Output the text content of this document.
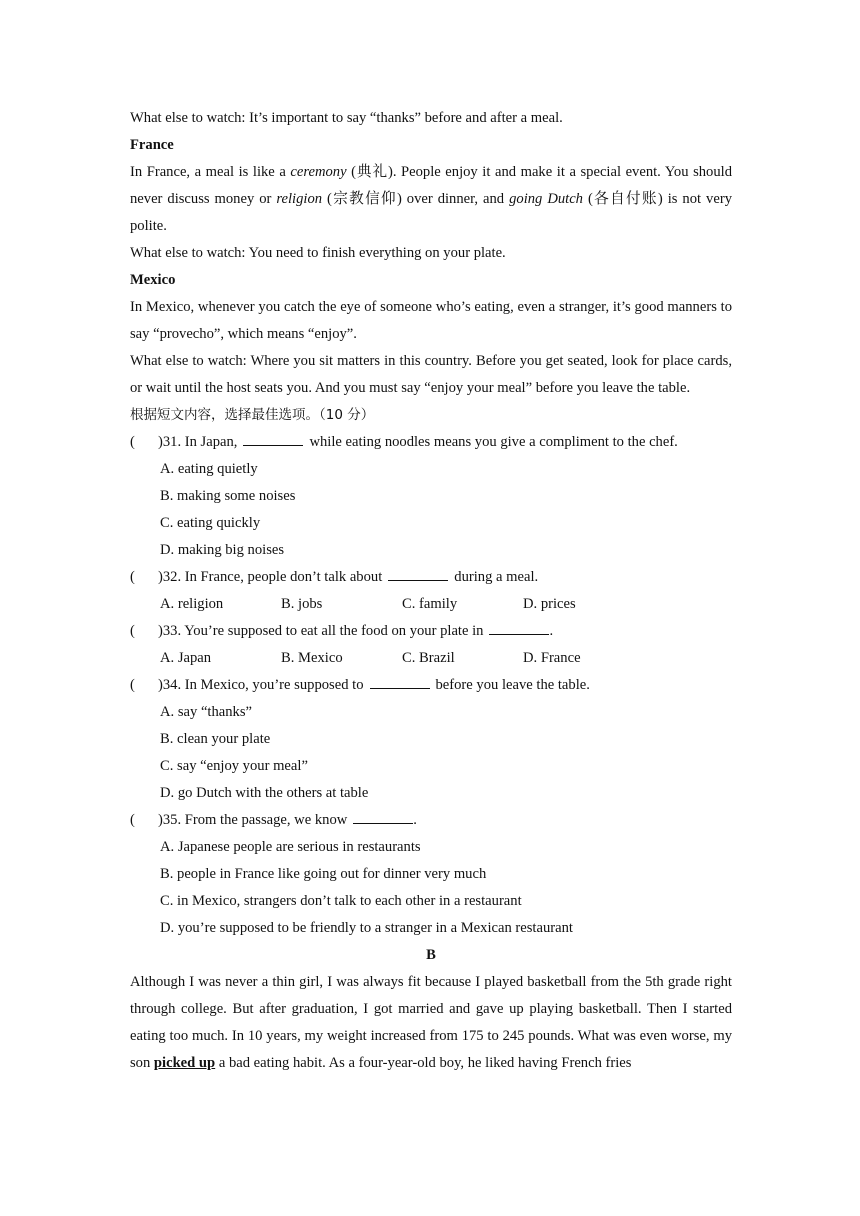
What else to watch: It’s important to say “thanks” before and after a meal.

France

In France, a meal is like a ceremony (典礼). People enjoy it and make it a special event. You should never discuss money or religion (宗教信仰) over dinner, and going Dutch (各自付账) is not very polite.

What else to watch: You need to finish everything on your plate.

Mexico

In Mexico, whenever you catch the eye of someone who’s eating, even a stranger, it’s good manners to say “provecho”, which means “enjoy”.

What else to watch: Where you sit matters in this country. Before you get seated, look for place cards, or wait until the host seats you. And you must say “enjoy your meal” before you leave the table.

根据短文内容，选择最佳选项。（10 分）

( )31. In Japan,	while eating noodles means you give a compliment to the chef.

A. eating quietly

B. making some noises

C. eating quickly

D. making big noises

( )32. In France, people don’t talk about	during a meal.

A. religion	B. jobs	C. family	D. prices

( )33. You’re supposed to eat all the food on your plate in	.

A. Japan	B. Mexico	C. Brazil	D. France

( )34. In Mexico, you’re supposed to	before you leave the table.

A. say “thanks”

B. clean your plate

C. say “enjoy your meal”

D. go Dutch with the others at table

( )35. From the passage, we know	.

A. Japanese people are serious in restaurants

B. people in France like going out for dinner very much

C. in Mexico, strangers don’t talk to each other in a restaurant

D. you’re supposed to be friendly to a stranger in a Mexican restaurant

B

Although I was never a thin girl, I was always fit because I played basketball from the 5th grade right through college. But after graduation, I got married and gave up playing basketball. Then I started eating too much. In 10 years, my weight increased from 175 to 245 pounds. What was even worse, my son picked up a bad eating habit. As a four-year-old boy, he liked having French fries
